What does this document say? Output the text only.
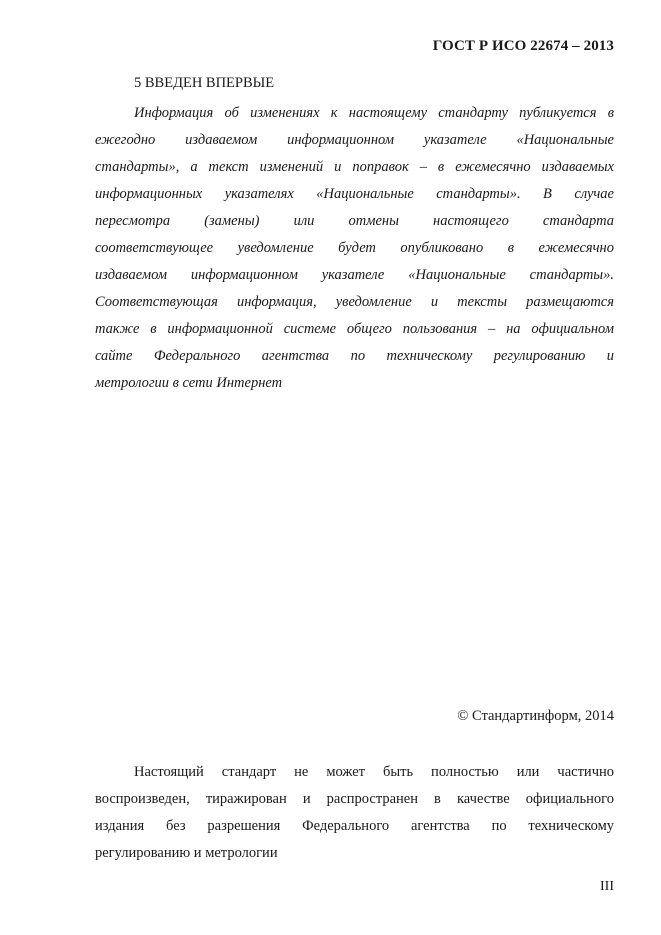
ГОСТ Р ИСО 22674 – 2013
5 ВВЕДЕН ВПЕРВЫЕ
Информация об изменениях к настоящему стандарту публикуется в
ежегодно издаваемом информационном указателе «Национальные
стандарты», а текст изменений и поправок – в ежемесячно издаваемых
информационных указателях «Национальные стандарты». В случае
пересмотра (замены) или отмены настоящего стандарта
соответствующее уведомление будет опубликовано в ежемесячно
издаваемом информационном указателе «Национальные стандарты».
Соответствующая информация, уведомление и тексты размещаются
также в информационной системе общего пользования – на официальном
сайте Федерального агентства по техническому регулированию и
метрологии в сети Интернет
© Стандартинформ, 2014
Настоящий стандарт не может быть полностью или частично
воспроизведен, тиражирован и распространен в качестве официального
издания без разрешения Федерального агентства по техническому
регулированию и метрологии
III
